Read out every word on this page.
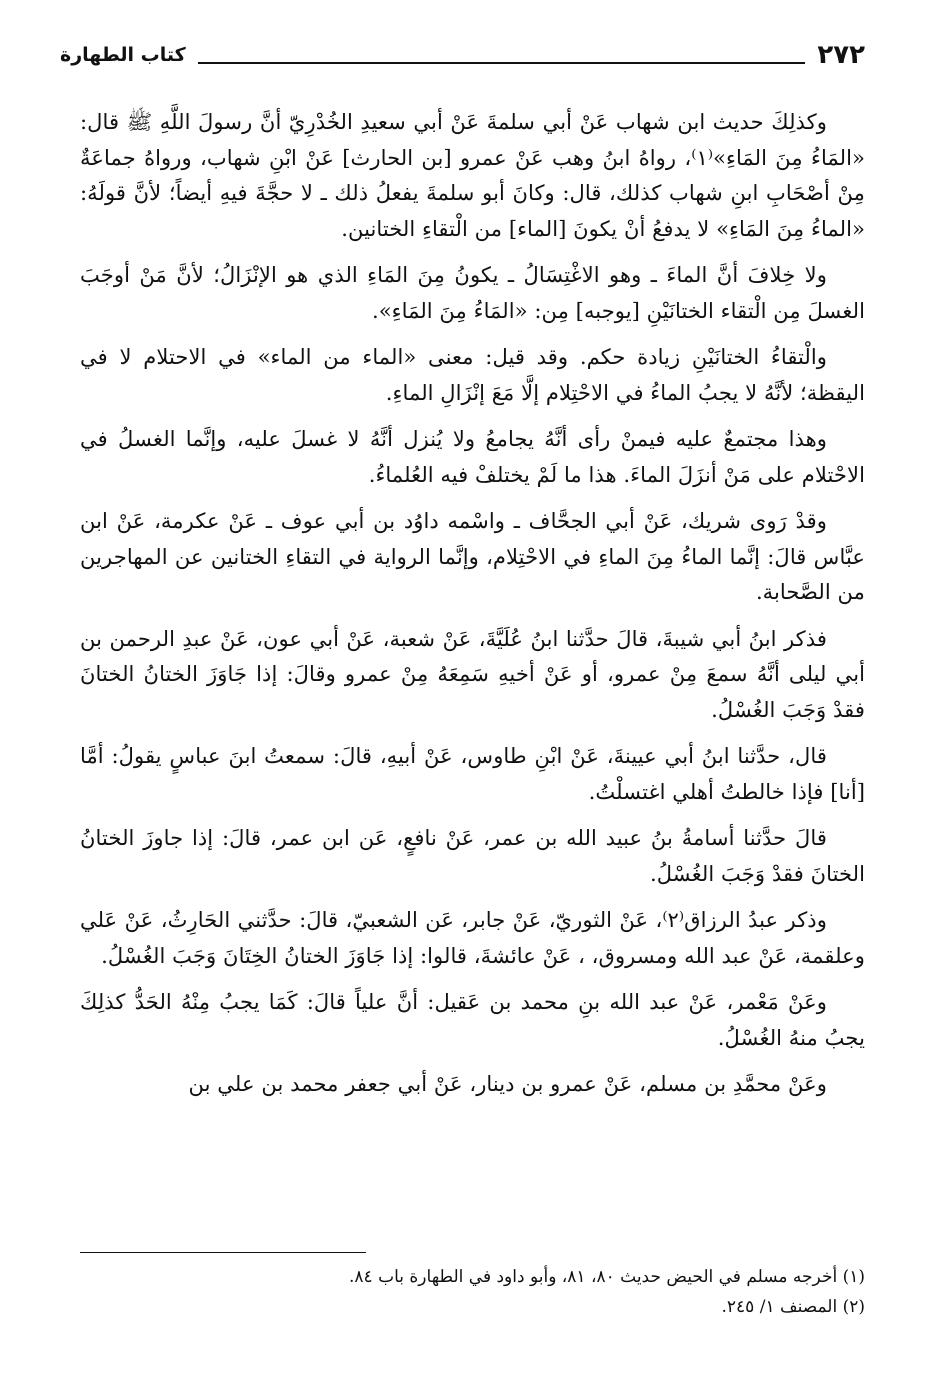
٢٧٢
كتاب الطهارة

وكذلِكَ حديث ابن شهاب عَنْ أبي سلمةَ عَنْ أبي سعيدِ الخُدْرِيّ أنَّ رسولَ اللَّهِ ﷺ قال: «المَاءُ مِنَ المَاءِ»⁽١⁾، رواهُ ابنُ وهب عَنْ عمرو [بن الحارث] عَنْ ابْنِ شهاب، ورواهُ جماعَةٌ مِنْ أصْحَابِ ابنِ شهاب كذلك، قال: وكانَ أبو سلمةَ يفعلُ ذلك ـ لا حجَّةَ فيهِ أيضاً؛ لأنَّ قولَهُ: «الماءُ مِنَ المَاءِ» لا يدفعُ أنْ يكونَ [الماء] من الْتقاءِ الختانين.

ولا خِلافَ أنَّ الماءَ ـ وهو الاغْتِسَالُ ـ يكونُ مِنَ المَاءِ الذي هو الإنْزَالُ؛ لأنَّ مَنْ أوجَبَ الغسلَ مِن الْتقاء الختانَيْنِ [يوجبه] مِن: «المَاءُ مِنَ المَاءِ».

والْتقاءُ الختانَيْنِ زيادة حكم. وقد قيل: معنى «الماء من الماء» في الاحتلام لا في اليقظة؛ لأنَّهُ لا يجبُ الماءُ في الاحْتِلام إلَّا مَعَ إنْزَالِ الماءِ.

وهذا مجتمعٌ عليه فيمنْ رأى أنَّهُ يجامعُ ولا يُنزل أنَّهُ لا غسلَ عليه، وإنَّما الغسلُ في الاحْتلام على مَنْ أنزَلَ الماءَ. هذا ما لَمْ يختلفْ فيه العُلماءُ.

وقدْ رَوى شريك، عَنْ أبي الجحَّاف ـ واسْمه داوُد بن أبي عوف ـ عَنْ عكرمة، عَنْ ابن عبَّاس قالَ: إنَّما الماءُ مِنَ الماءِ في الاحْتِلام، وإنَّما الرواية في التقاءِ الختانين عن المهاجرين من الصَّحابة.

فذكر ابنُ أبي شيبةَ، قالَ حدَّثنا ابنُ عُلَيَّةَ، عَنْ شعبة، عَنْ أبي عون، عَنْ عبدِ الرحمن بن أبي ليلى أنَّهُ سمعَ مِنْ عمرو، أو عَنْ أخيهِ سَمِعَهُ مِنْ عمرو وقالَ: إذا جَاوَزَ الختانُ الختانَ فقدْ وَجَبَ الغُسْلُ.

قال، حدَّثنا ابنُ أبي عيينةَ، عَنْ ابْنِ طاوس، عَنْ أبيهِ، قالَ: سمعتُ ابنَ عباسٍ يقولُ: أمَّا [أنا] فإذا خالطتُ أهلي اغتسلْتُ.

قالَ حدَّثنا أسامةُ بنُ عبيد الله بن عمر، عَنْ نافعٍ، عَن ابن عمر، قالَ: إذا جاوزَ الختانُ الختانَ فقدْ وَجَبَ الغُسْلُ.

وذكر عبدُ الرزاق⁽٢⁾، عَنْ الثوريّ، عَنْ جابر، عَن الشعبيّ، قالَ: حدَّثني الحَارِثُ، عَنْ عَلي وعلقمة، عَنْ عبد الله ومسروق، ، عَنْ عائشةَ، قالوا: إذا جَاوَزَ الختانُ الخِتَانَ وَجَبَ الغُسْلُ.

وعَنْ مَعْمر، عَنْ عبد الله بنِ محمد بن عَقيل: أنَّ علياً قالَ: كَمَا يجبُ مِنْهُ الحَدُّ كذلِكَ يجبُ منهُ الغُسْلُ.

وعَنْ محمَّدِ بن مسلم، عَنْ عمرو بن دينار، عَنْ أبي جعفر محمد بن علي بن

(١) أخرجه مسلم في الحيض حديث ٨٠، ٨١، وأبو داود في الطهارة باب ٨٤.

(٢) المصنف ١/ ٢٤٥.
